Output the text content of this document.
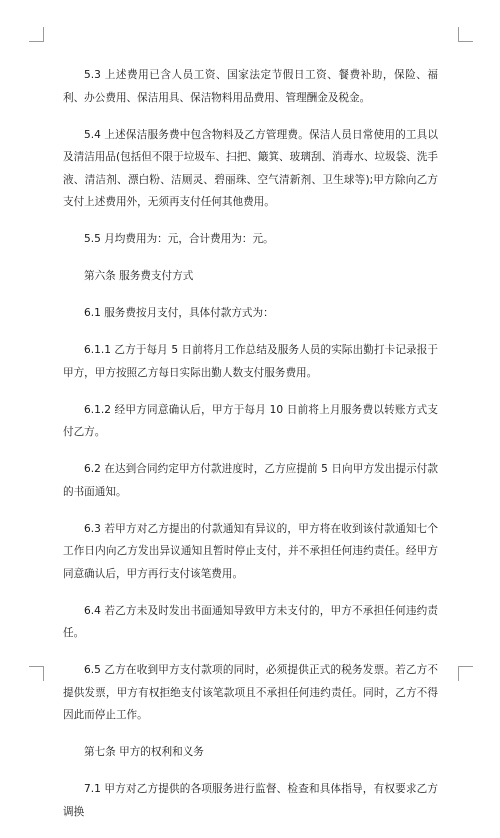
5.3 上述费用已含人员工资、国家法定节假日工资、餐费补助，保险、福利、办公费用、保洁用具、保洁物料用品费用、管理酬金及税金。

5.4 上述保洁服务费中包含物料及乙方管理费。保洁人员日常使用的工具以及清洁用品(包括但不限于垃圾车、扫把、簸箕、玻璃刮、消毒水、垃圾袋、洗手液、清洁剂、漂白粉、洁厕灵、碧丽珠、空气清新剂、卫生球等);甲方除向乙方支付上述费用外，无须再支付任何其他费用。

5.5 月均费用为：元，合计费用为：元。

第六条 服务费支付方式

6.1 服务费按月支付，具体付款方式为：

6.1.1 乙方于每月 5 日前将月工作总结及服务人员的实际出勤打卡记录报于甲方，甲方按照乙方每日实际出勤人数支付服务费用。

6.1.2 经甲方同意确认后，甲方于每月 10 日前将上月服务费以转账方式支付乙方。

6.2 在达到合同约定甲方付款进度时，乙方应提前 5 日向甲方发出提示付款的书面通知。

6.3 若甲方对乙方提出的付款通知有异议的，甲方将在收到该付款通知七个工作日内向乙方发出异议通知且暂时停止支付，并不承担任何违约责任。经甲方同意确认后，甲方再行支付该笔费用。

6.4 若乙方未及时发出书面通知导致甲方未支付的，甲方不承担任何违约责任。

6.5 乙方在收到甲方支付款项的同时，必须提供正式的税务发票。若乙方不提供发票，甲方有权拒绝支付该笔款项且不承担任何违约责任。同时，乙方不得因此而停止工作。

第七条 甲方的权利和义务

7.1 甲方对乙方提供的各项服务进行监督、检查和具体指导，有权要求乙方调换
